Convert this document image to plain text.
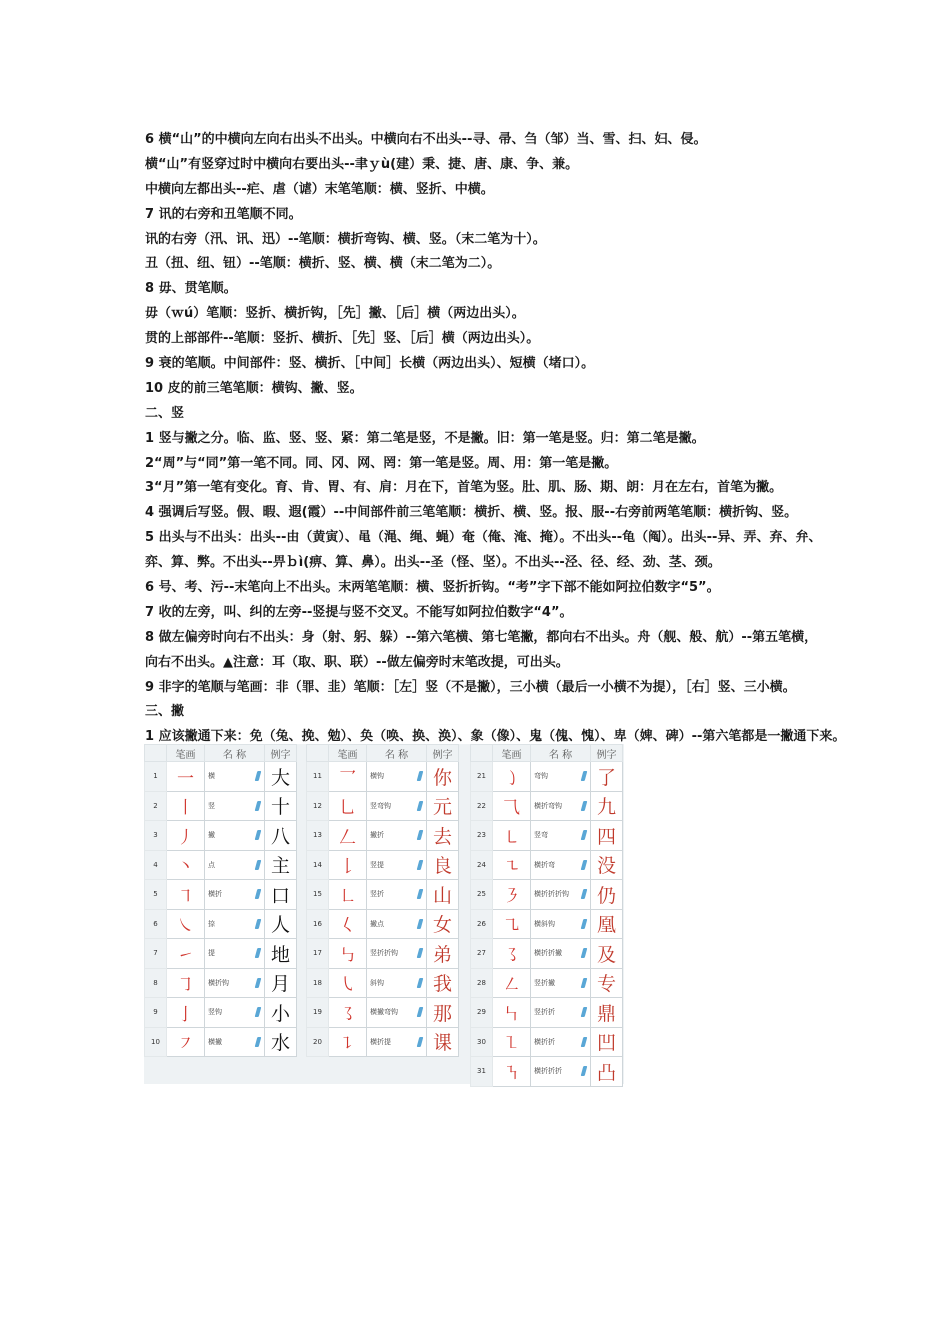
6 横“山”的中横向左向右出头不出头。中横向右不出头--寻、帚、刍（邹）当、雪、扫、妇、侵。
横“山”有竖穿过时中横向右要出头--聿ｙù(建）秉、捷、唐、康、争、兼。
中横向左都出头--疟、虐（谑）末笔笔顺：横、竖折、中横。
7 讯的右旁和丑笔顺不同。
讯的右旁（汛、讯、迅）--笔顺：横折弯钩、横、竖。（末二笔为十）。
丑（扭、纽、钮）--笔顺：横折、竖、横、横（末二笔为二）。
8 毋、贯笔顺。
毋（ｗú）笔顺：竖折、横折钩，［先］撇、［后］横（两边出头）。
贯的上部部件--笔顺：竖折、横折、［先］竖、［后］横（两边出头）。
9 衰的笔顺。中间部件：竖、横折、［中间］长横（两边出头）、短横（堵口）。
10 皮的前三笔笔顺：横钩、撇、竖。
二、竖
1 竖与撇之分。临、监、竖、竖、紧：第二笔是竖，不是撇。旧：第一笔是竖。归：第二笔是撇。
2“周”与“同”第一笔不同。同、冈、网、罔：第一笔是竖。周、用：第一笔是撇。
3“月”第一笔有变化。育、肯、胃、有、肩：月在下，首笔为竖。肚、肌、肠、期、朗：月在左右，首笔为撇。
4 强调后写竖。假、暇、遐(霞）--中间部件前三笔笔顺：横折、横、竖。报、服--右旁前两笔笔顺：横折钩、竖。
5 出头与不出头：出头--由（黄寅）、黾（渑、绳、蝇）奄（俺、淹、掩）。不出头--龟（阄）。出头--异、弄、弃、弁、
弈、算、弊。不出头--畀ｂì(痹、算、鼻）。出头--圣（怪、坚）。不出头--泾、径、经、劲、茎、颈。
6 号、考、污--末笔向上不出头。末两笔笔顺：横、竖折折钩。“考”字下部不能如阿拉伯数字“5”。
7 收的左旁，叫、纠的左旁--竖提与竖不交叉。不能写如阿拉伯数字“4”。
8 做左偏旁时向右不出头：身（射、躬、躲）--第六笔横、第七笔撇，都向右不出头。舟（舰、般、航）--第五笔横，
向右不出头。▲注意：耳（取、职、联）--做左偏旁时末笔改提，可出头。
9 非字的笔顺与笔画：非（罪、韭）笔顺：［左］竖（不是撇），三小横（最后一小横不为提），［右］竖、三小横。
三、撇
1 应该撇通下来：免（兔、挽、勉）、奂（唤、换、涣）、象（像）、鬼（傀、愧）、卑（婢、碑）--第六笔都是一撇通下来。
	笔画	名 称	例字
1	一	横	大
2	丨	竖	十
3	丿	撇	八
4	丶	点	主
5	㇕	横折	口
6	㇏	捺	人
7	㇀	提	地
8	㇆	横折钩	月
9	亅	竖钩	小
10	㇇	横撇	水
	笔画	名 称	例字
11	乛	横钩	你
12	乚	竖弯钩	元
13	𠃋	撇折	去
14	𠄌	竖提	良
15	㇗	竖折	山
16	𡿨	撇点	女
17	㇉	竖折折钩	弟
18	㇂	斜钩	我
19	㇌	横撇弯钩	那
20	㇊	横折提	课
	笔画	名 称	例字
21	㇁	弯钩	了
22	⺄	横折弯钩	九
23	㇄	竖弯	四
24	㇍	横折弯	没
25	㇋	横折折折钩	仍
26	㇈	横斜钩	凰
27	㇌	横折折撇	及
28	㇜	竖折撇	专
29	㇞	竖折折	鼎
30	㇅	横折折	凹
31	㇎	横折折折	凸
